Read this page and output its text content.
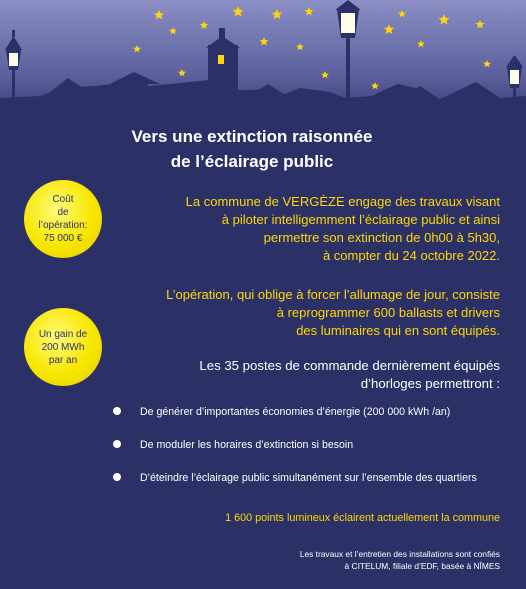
Vers une extinction raisonnée
de l’éclairage public
Coût
de
l’opération:
75 000 €
Un gain de
200 MWh
par an
La commune de VERGÈZE engage des travaux visant
à piloter intelligemment l’éclairage public et ainsi
permettre son extinction de 0h00 à 5h30,
à compter du 24 octobre 2022.
L’opération, qui oblige à forcer l’allumage de jour, consiste
à reprogrammer 600 ballasts et drivers
des luminaires qui en sont équipés.
Les 35 postes de commande dernièrement équipés
d’horloges permettront :
De générer d’importantes économies d’énergie (200 000 kWh /an)
De moduler les horaires d’extinction si besoin
D’éteindre l’éclairage public simultanément sur l’ensemble des quartiers
1 600 points lumineux éclairent actuellement la commune
Les travaux et l’entretien des installations sont confiés
à CITELUM, filiale d’EDF, basée à NÎMES
